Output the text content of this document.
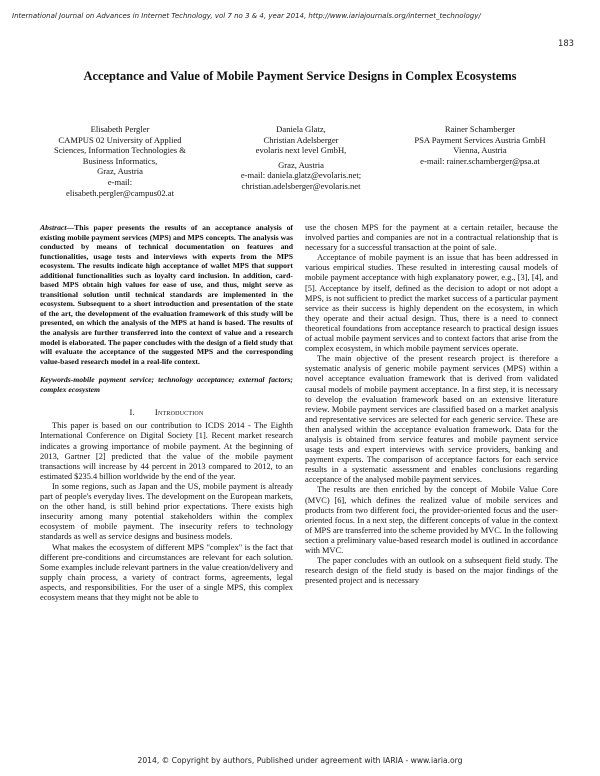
International Journal on Advances in Internet Technology, vol 7 no 3 & 4, year 2014, http://www.iariajournals.org/internet_technology/
183
Acceptance and Value of Mobile Payment Service Designs in Complex Ecosystems
Elisabeth Pergler
CAMPUS 02 University of Applied
Sciences, Information Technologies &
Business Informatics,
Graz, Austria
e-mail:
elisabeth.pergler@campus02.at
Daniela Glatz,
Christian Adelsberger
evolaris next level GmbH,
Graz, Austria
e-mail: daniela.glatz@evolaris.net;
christian.adelsberger@evolaris.net
Rainer Schamberger
PSA Payment Services Austria GmbH
Vienna, Austria
e-mail: rainer.schamberger@psa.at

Abstract—This paper presents the results of an acceptance analysis of existing mobile payment services (MPS) and MPS concepts. The analysis was conducted by means of technical documentation on features and functionalities, usage tests and interviews with experts from the MPS ecosystem. The results indicate high acceptance of wallet MPS that support additional functionalities such as loyalty card inclusion. In addition, card-based MPS obtain high values for ease of use, and thus, might serve as transitional solution until technical standards are implemented in the ecosystem. Subsequent to a short introduction and presentation of the state of the art, the development of the evaluation framework of this study will be presented, on which the analysis of the MPS at hand is based. The results of the analysis are further transferred into the context of value and a research model is elaborated. The paper concludes with the design of a field study that will evaluate the acceptance of the suggested MPS and the corresponding value-based research model in a real-life context.

Keywords-mobile payment service; technology acceptance; external factors; complex ecosystem

I. Introduction

This paper is based on our contribution to ICDS 2014 - The Eighth International Conference on Digital Society [1]. Recent market research indicates a growing importance of mobile payment. At the beginning of 2013, Gartner [2] predicted that the value of the mobile payment transactions will increase by 44 percent in 2013 compared to 2012, to an estimated $235.4 billion worldwide by the end of the year.

In some regions, such as Japan and the US, mobile payment is already part of people's everyday lives. The development on the European markets, on the other hand, is still behind prior expectations. There exists high insecurity among many potential stakeholders within the complex ecosystem of mobile payment. The insecurity refers to technology standards as well as service designs and business models.

What makes the ecosystem of different MPS "complex" is the fact that different pre-conditions and circumstances are relevant for each solution. Some examples include relevant partners in the value creation/delivery and supply chain process, a variety of contract forms, agreements, legal aspects, and responsibilities. For the user of a single MPS, this complex ecosystem means that they might not be able to

use the chosen MPS for the payment at a certain retailer, because the involved parties and companies are not in a contractual relationship that is necessary for a successful transaction at the point of sale.

Acceptance of mobile payment is an issue that has been addressed in various empirical studies. These resulted in interesting causal models of mobile payment acceptance with high explanatory power, e.g., [3], [4], and [5]. Acceptance by itself, defined as the decision to adopt or not adopt a MPS, is not sufficient to predict the market success of a particular payment service as their success is highly dependent on the ecosystem, in which they operate and their actual design. Thus, there is a need to connect theoretical foundations from acceptance research to practical design issues of actual mobile payment services and to context factors that arise from the complex ecosystem, in which mobile payment services operate.

The main objective of the present research project is therefore a systematic analysis of generic mobile payment services (MPS) within a novel acceptance evaluation framework that is derived from validated causal models of mobile payment acceptance. In a first step, it is necessary to develop the evaluation framework based on an extensive literature review. Mobile payment services are classified based on a market analysis and representative services are selected for each generic service. These are then analysed within the acceptance evaluation framework. Data for the analysis is obtained from service features and mobile payment service usage tests and expert interviews with service providers, banking and payment experts. The comparison of acceptance factors for each service results in a systematic assessment and enables conclusions regarding acceptance of the analysed mobile payment services.

The results are then enriched by the concept of Mobile Value Core (MVC) [6], which defines the realized value of mobile services and products from two different foci, the provider-oriented focus and the user-oriented focus. In a next step, the different concepts of value in the context of MPS are transferred into the scheme provided by MVC. In the following section a preliminary value-based research model is outlined in accordance with MVC.

The paper concludes with an outlook on a subsequent field study. The research design of the field study is based on the major findings of the presented project and is necessary

2014, © Copyright by authors, Published under agreement with IARIA - www.iaria.org
